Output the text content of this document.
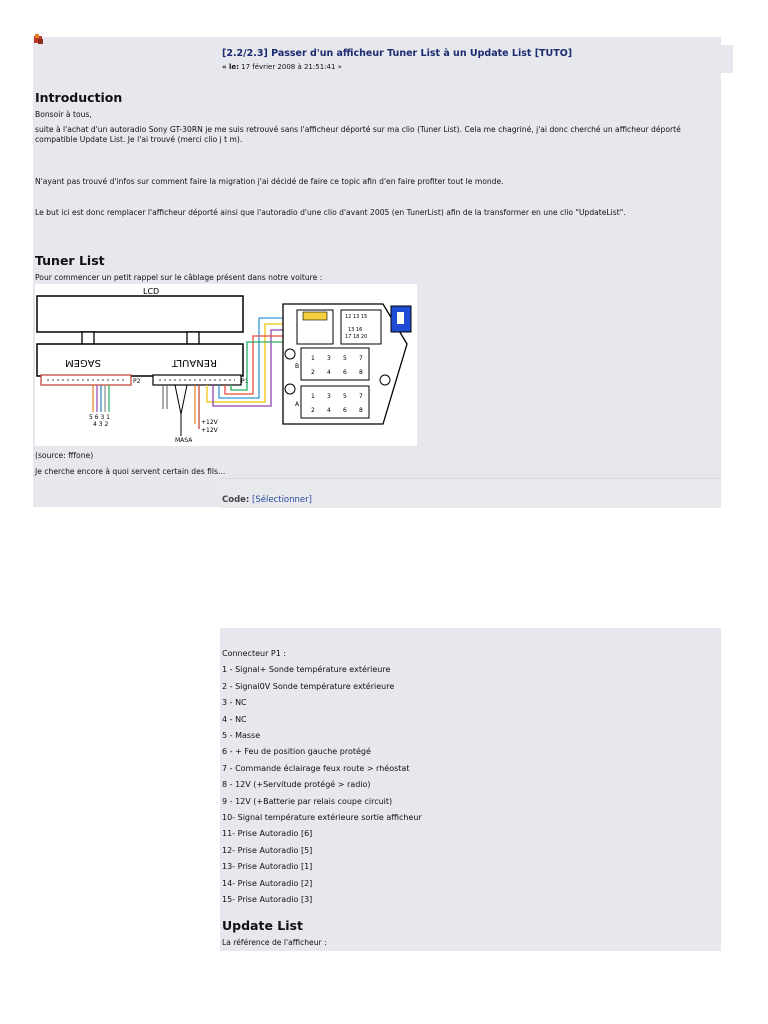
[2.2/2.3] Passer d'un afficheur Tuner List à un Update List [TUTO]
« le: 17 février 2008 à 21:51:41 »
Introduction

Bonsoir à tous,

suite à l'achat d'un autoradio Sony GT-30RN je me suis retrouvé sans l'afficheur déporté sur ma clio (Tuner List). Cela me chagriné, j'ai donc cherché un afficheur déporté compatible Update List. Je l'ai trouvé (merci clio j t m).

N'ayant pas trouvé d'infos sur comment faire la migration j'ai décidé de faire ce topic afin d'en faire profiter tout le monde.

Le but ici est donc remplacer l'afficheur déporté ainsi que l'autoradio d'une clio d'avant 2005 (en TunerList) afin de la transformer en une clio "UpdateList".

Tuner List

Pour commencer un petit rappel sur le câblage présent dans notre voiture :

LCD
SAGEM	RENAULT
P2	P1
5 6 3 1
4 3 2	+12V
+12V
MASA
12 13 15
13 16
17 18 20
B
1 3 5 7
2 4 6 8
A
1 3 5 7
2 4 6 8

(source: fffone)

Je cherche encore à quoi servent certain des fils...

Code: [Sélectionner]

Connecteur P1 :

1 - Signal+ Sonde température extérieure

2 - Signal0V Sonde température extérieure

3 - NC

4 - NC

5 - Masse

6 - + Feu de position gauche protégé

7 - Commande éclairage feux route > rhéostat

8 - 12V (+Servitude protégé > radio)

9 - 12V (+Batterie par relais coupe circuit)

10- Signal température extérieure sortie afficheur

11- Prise Autoradio [6]

12- Prise Autoradio [5]

13- Prise Autoradio [1]

14- Prise Autoradio [2]

15- Prise Autoradio [3]

Update List

La référence de l'afficheur :
